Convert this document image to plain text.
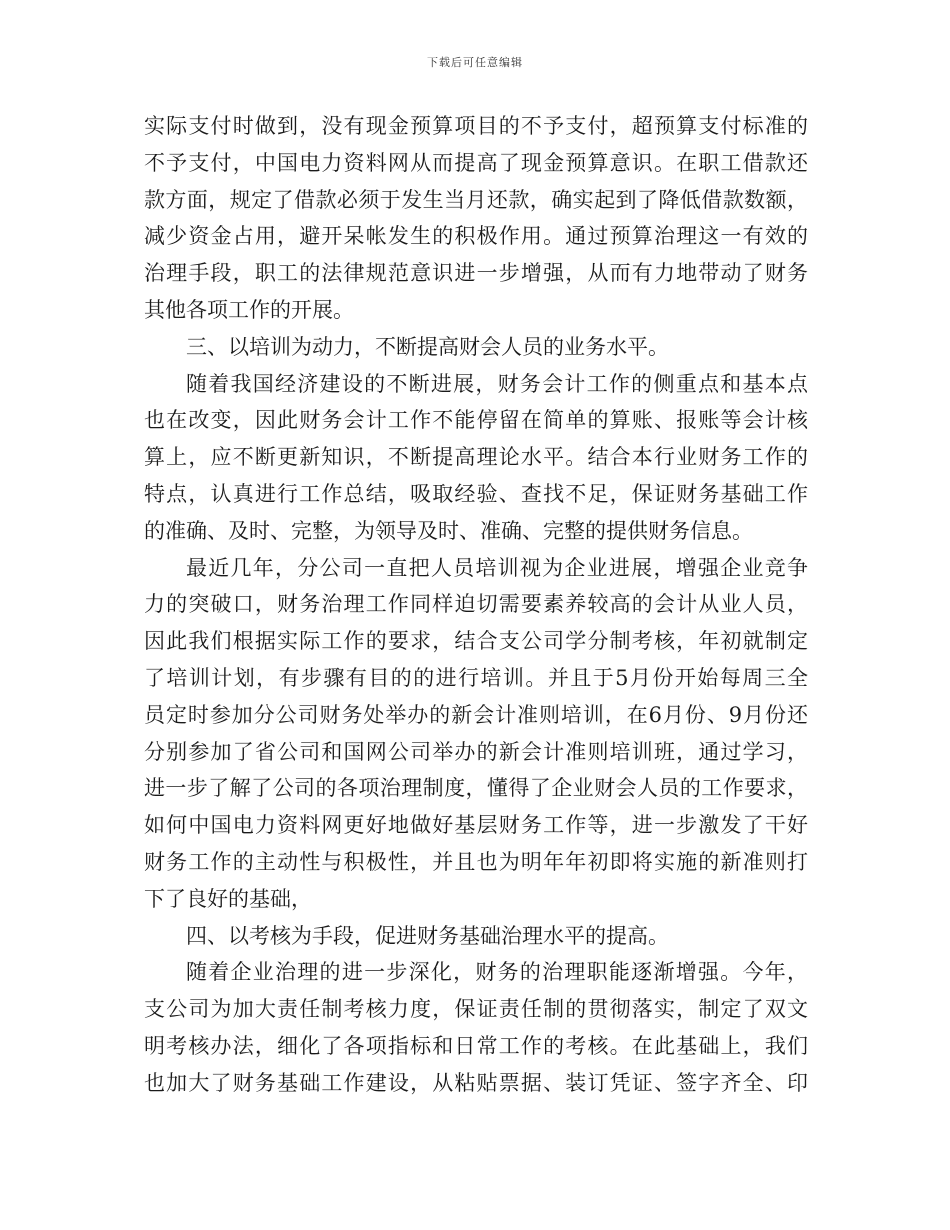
下载后可任意编辑
实际支付时做到，没有现金预算项目的不予支付，超预算支付标准的
不予支付，中国电力资料网从而提高了现金预算意识。在职工借款还
款方面，规定了借款必须于发生当月还款，确实起到了降低借款数额，
减少资金占用，避开呆帐发生的积极作用。通过预算治理这一有效的
治理手段，职工的法律规范意识进一步增强，从而有力地带动了财务
其他各项工作的开展。
三、以培训为动力，不断提高财会人员的业务水平。
随着我国经济建设的不断进展，财务会计工作的侧重点和基本点
也在改变，因此财务会计工作不能停留在简单的算账、报账等会计核
算上，应不断更新知识，不断提高理论水平。结合本行业财务工作的
特点，认真进行工作总结，吸取经验、查找不足，保证财务基础工作
的准确、及时、完整，为领导及时、准确、完整的提供财务信息。
最近几年，分公司一直把人员培训视为企业进展，增强企业竞争
力的突破口，财务治理工作同样迫切需要素养较高的会计从业人员，
因此我们根据实际工作的要求，结合支公司学分制考核，年初就制定
了培训计划，有步骤有目的的进行培训。并且于5月份开始每周三全
员定时参加分公司财务处举办的新会计准则培训，在6月份、9月份还
分别参加了省公司和国网公司举办的新会计准则培训班，通过学习，
进一步了解了公司的各项治理制度，懂得了企业财会人员的工作要求，
如何中国电力资料网更好地做好基层财务工作等，进一步激发了干好
财务工作的主动性与积极性，并且也为明年年初即将实施的新准则打
下了良好的基础，
四、以考核为手段，促进财务基础治理水平的提高。
随着企业治理的进一步深化，财务的治理职能逐渐增强。今年，
支公司为加大责任制考核力度，保证责任制的贯彻落实，制定了双文
明考核办法，细化了各项指标和日常工作的考核。在此基础上，我们
也加大了财务基础工作建设，从粘贴票据、装订凭证、签字齐全、印
